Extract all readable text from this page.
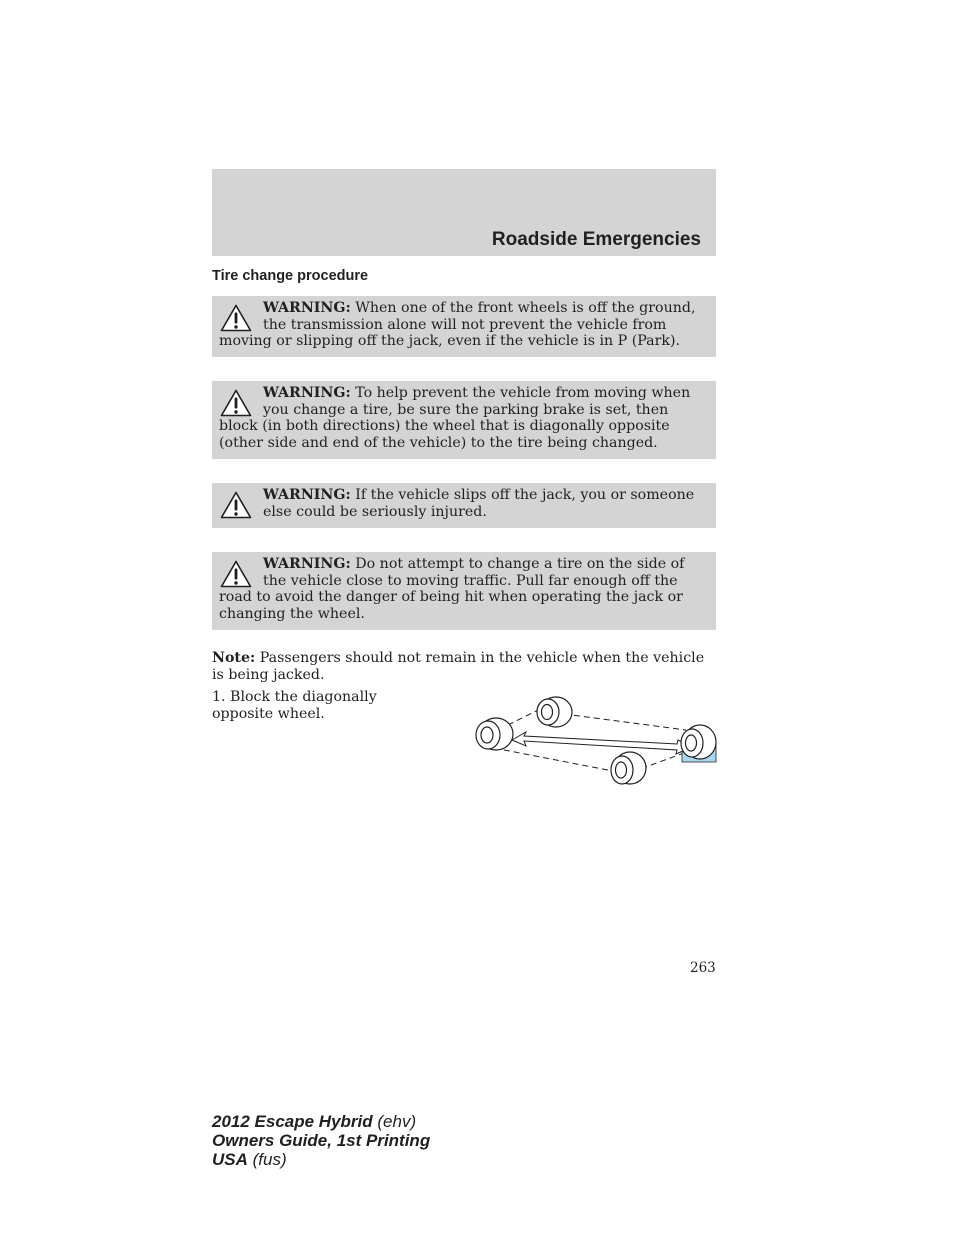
Roadside Emergencies
Tire change procedure
WARNING: When one of the front wheels is off the ground, the transmission alone will not prevent the vehicle from moving or slipping off the jack, even if the vehicle is in P (Park).
WARNING: To help prevent the vehicle from moving when you change a tire, be sure the parking brake is set, then block (in both directions) the wheel that is diagonally opposite (other side and end of the vehicle) to the tire being changed.
WARNING: If the vehicle slips off the jack, you or someone else could be seriously injured.
WARNING: Do not attempt to change a tire on the side of the vehicle close to moving traffic. Pull far enough off the road to avoid the danger of being hit when operating the jack or changing the wheel.
Note: Passengers should not remain in the vehicle when the vehicle is being jacked.
1. Block the diagonally opposite wheel.
263
2012 Escape Hybrid (ehv)
Owners Guide, 1st Printing
USA (fus)
